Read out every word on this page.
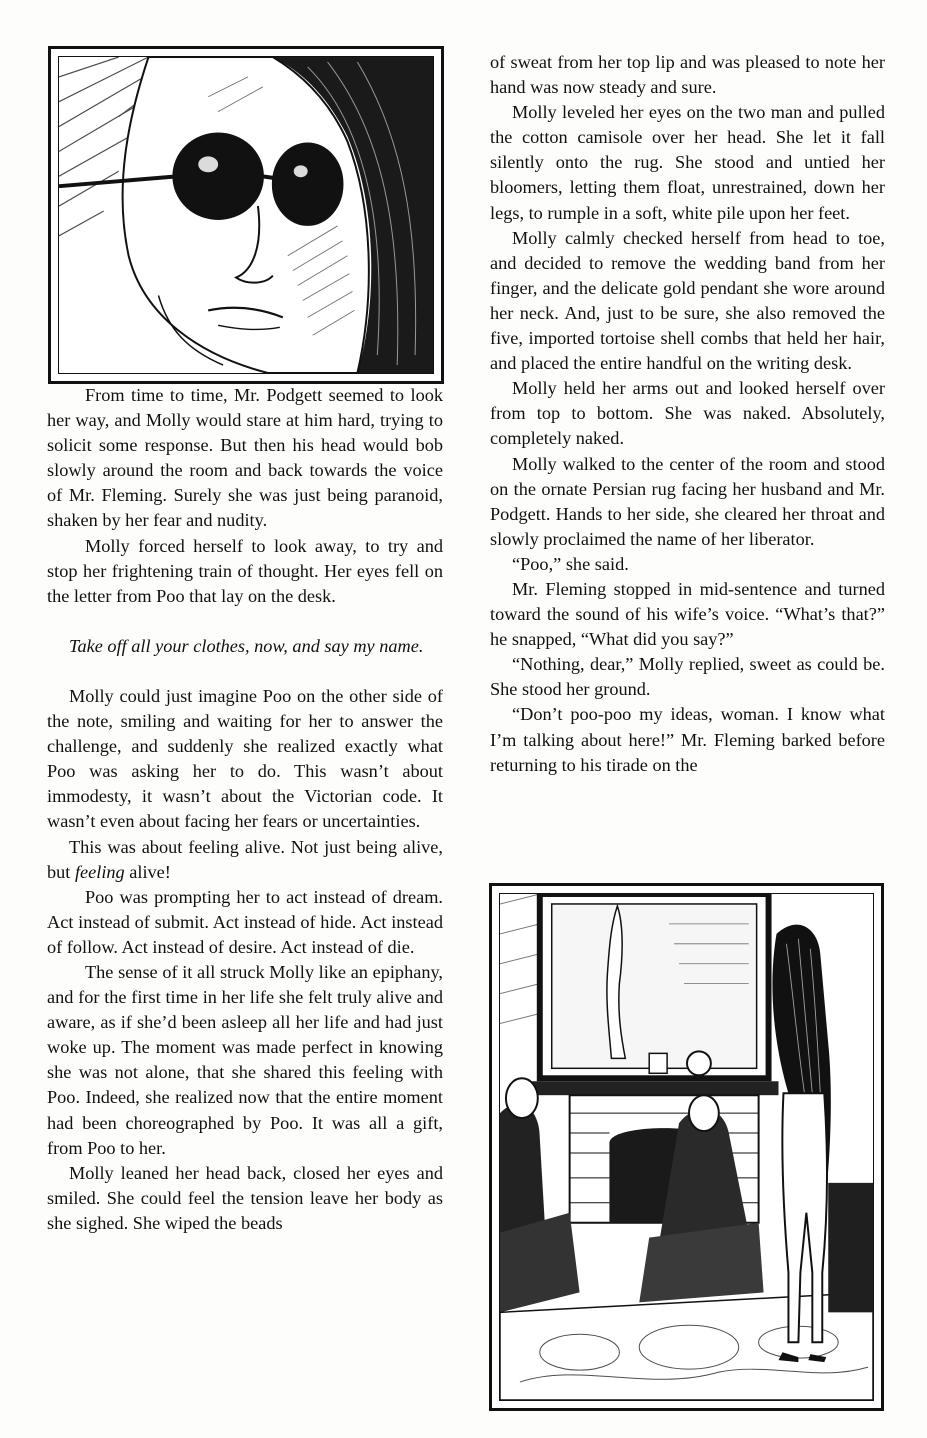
From time to time, Mr. Podgett seemed to look her way, and Molly would stare at him hard, trying to solicit some response. But then his head would bob slowly around the room and back towards the voice of Mr. Fleming. Surely she was just being paranoid, shaken by her fear and nudity.

Molly forced herself to look away, to try and stop her frightening train of thought. Her eyes fell on the letter from Poo that lay on the desk.

Take off all your clothes, now, and say my name.

Molly could just imagine Poo on the other side of the note, smiling and waiting for her to answer the challenge, and suddenly she realized exactly what Poo was asking her to do. This wasn’t about immodesty, it wasn’t about the Victorian code. It wasn’t even about facing her fears or uncertainties.

This was about feeling alive. Not just being alive, but feeling alive!

Poo was prompting her to act instead of dream. Act instead of submit. Act instead of hide. Act instead of follow. Act instead of desire. Act instead of die.

The sense of it all struck Molly like an epiphany, and for the first time in her life she felt truly alive and aware, as if she’d been asleep all her life and had just woke up. The moment was made perfect in knowing she was not alone, that she shared this feeling with Poo. Indeed, she realized now that the entire moment had been choreographed by Poo. It was all a gift, from Poo to her.

Molly leaned her head back, closed her eyes and smiled. She could feel the tension leave her body as she sighed. She wiped the beads

of sweat from her top lip and was pleased to note her hand was now steady and sure.

Molly leveled her eyes on the two man and pulled the cotton camisole over her head. She let it fall silently onto the rug. She stood and untied her bloomers, letting them float, unrestrained, down her legs, to rumple in a soft, white pile upon her feet.

Molly calmly checked herself from head to toe, and decided to remove the wedding band from her finger, and the delicate gold pendant she wore around her neck. And, just to be sure, she also removed the five, imported tortoise shell combs that held her hair, and placed the entire handful on the writing desk.

Molly held her arms out and looked herself over from top to bottom. She was naked. Absolutely, completely naked.

Molly walked to the center of the room and stood on the ornate Persian rug facing her husband and Mr. Podgett. Hands to her side, she cleared her throat and slowly proclaimed the name of her liberator.

“Poo,” she said.

Mr. Fleming stopped in mid-sentence and turned toward the sound of his wife’s voice. “What’s that?” he snapped, “What did you say?”

“Nothing, dear,” Molly replied, sweet as could be. She stood her ground.

“Don’t poo-poo my ideas, woman. I know what I’m talking about here!” Mr. Fleming barked before returning to his tirade on the
